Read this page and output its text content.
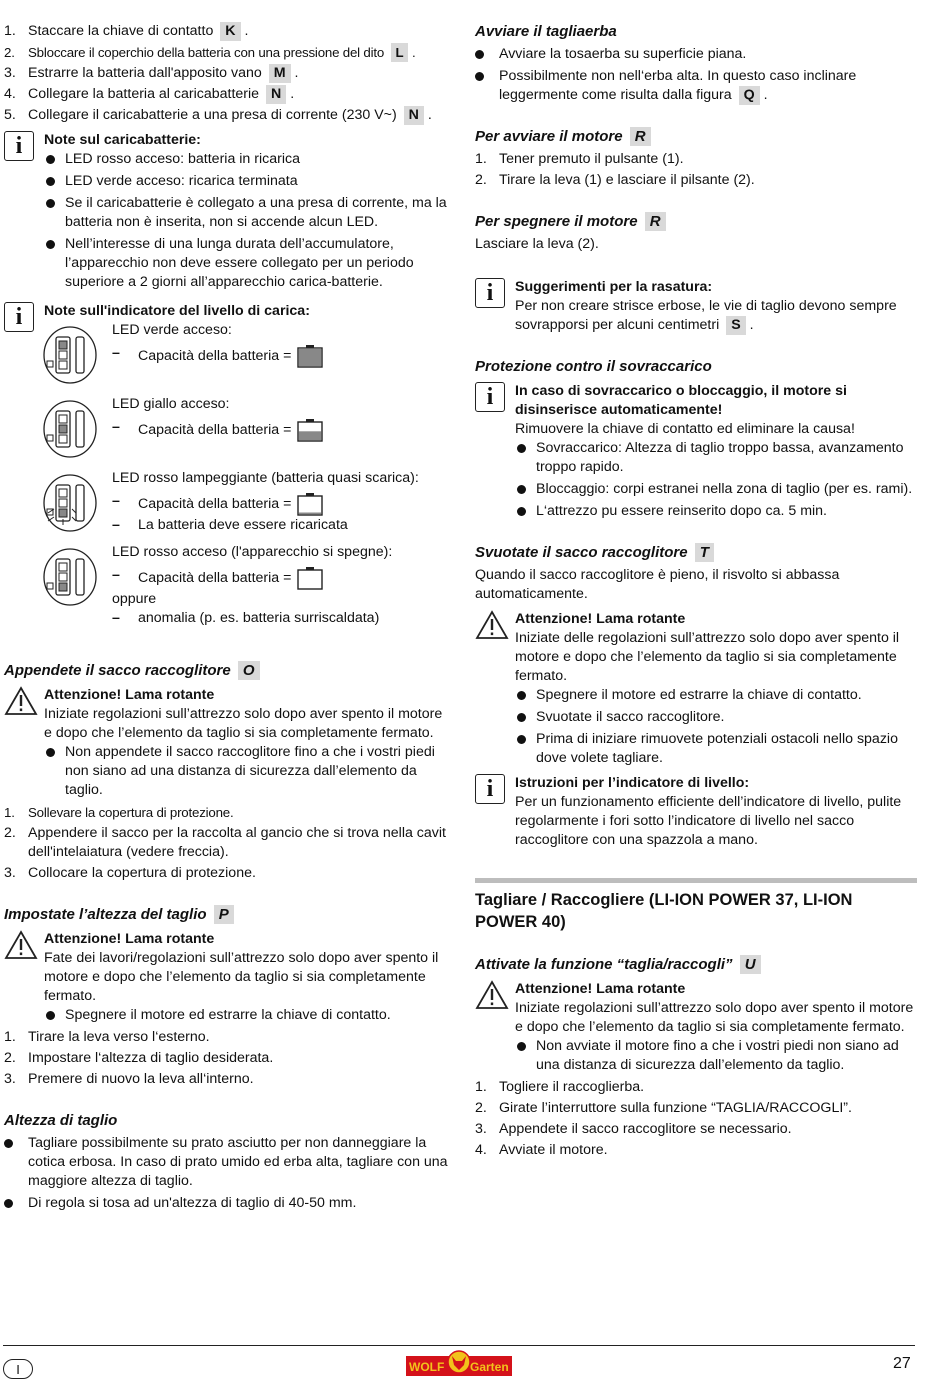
1. Staccare la chiave di contatto K .
2. Sbloccare il coperchio della batteria con una pressione del dito L .
3. Estrarre la batteria dall'apposito vano M .
4. Collegare la batteria al caricabatterie N .
5. Collegare il caricabatterie a una presa di corrente (230 V~) N .
i	Note sul caricabatterie:
LED rosso acceso: batteria in ricarica
LED verde acceso: ricarica terminata
Se il caricabatterie è collegato a una presa di corrente, ma la batteria non è inserita, non si accende alcun LED.
Nell’interesse di una lunga durata dell’accumulatore, l’apparecchio non deve essere collegato per un periodo superiore a 2 giorni all’apparecchio carica-batterie.
i	Note sull'indicatore del livello di carica:
LED verde acceso:
– Capacità della batteria =
LED giallo acceso:
– Capacità della batteria =
LED rosso lampeggiante (batteria quasi scarica):
– Capacità della batteria =
– La batteria deve essere ricaricata
LED rosso acceso (l'apparecchio si spegne):
– Capacità della batteria =
oppure
– anomalia (p. es. batteria surriscaldata)
Appendete il sacco raccoglitore O
Attenzione! Lama rotante
Iniziate regolazioni sull’attrezzo solo dopo aver spento il motore e dopo che l’elemento da taglio si sia completamente fermato.
Non appendete il sacco raccoglitore fino a che i vostri piedi non siano ad una distanza di sicurezza dall’elemento da taglio.
1. Sollevare la copertura di protezione.
2. Appendere il sacco per la raccolta al gancio che si trova nella cavit dell'intelaiatura (vedere freccia).
3. Collocare la copertura di protezione.
Impostate l’altezza del taglio P
Attenzione! Lama rotante
Fate dei lavori/regolazioni sull’attrezzo solo dopo aver spento il motore e dopo che l’elemento da taglio si sia completamente fermato.
Spegnere il motore ed estrarre la chiave di contatto.
1. Tirare la leva verso l‘esterno.
2. Impostare l‘altezza di taglio desiderata.
3. Premere di nuovo la leva all‘interno.
Altezza di taglio
Tagliare possibilmente su prato asciutto per non danneggiare la cotica erbosa. In caso di prato umido ed erba alta, tagliare con una maggiore altezza di taglio.
Di regola si tosa ad un'altezza di taglio di 40-50 mm.
Avviare il tagliaerba
Avviare la tosaerba su superficie piana.
Possibilmente non nell‘erba alta. In questo caso inclinare leggermente come risulta dalla figura Q .
Per avviare il motore R
1. Tener premuto il pulsante (1).
2. Tirare la leva (1) e lasciare il pilsante (2).
Per spegnere il motore R
Lasciare la leva (2).
i	Suggerimenti per la rasatura:
Per non creare strisce erbose, le vie di taglio devono sempre sovrapporsi per alcuni centimetri S .
Protezione contro il sovraccarico
i	In caso di sovraccarico o bloccaggio, il motore si disinserisce automaticamente!
Rimuovere la chiave di contatto ed eliminare la causa!
Sovraccarico: Altezza di taglio troppo bassa, avanzamento troppo rapido.
Bloccaggio: corpi estranei nella zona di taglio (per es. rami).
L‘attrezzo pu essere reinserito dopo ca. 5 min.
Svuotate il sacco raccoglitore T
Quando il sacco raccoglitore è pieno, il risvolto si abbassa automaticamente.
Attenzione! Lama rotante
Iniziate delle regolazioni sull’attrezzo solo dopo aver spento il motore e dopo che l’elemento da taglio si sia completamente fermato.
Spegnere il motore ed estrarre la chiave di contatto.
Svuotate il sacco raccoglitore.
Prima di iniziare rimuovete potenziali ostacoli nello spazio dove volete tagliare.
i	Istruzioni per l’indicatore di livello:
Per un funzionamento efficiente dell’indicatore di livello, pulite regolarmente i fori sotto l’indicatore di livello nel sacco raccoglitore con una spazzola a mano.
Tagliare / Raccogliere (LI-ION POWER 37, LI-ION POWER 40)
Attivate la funzione “taglia/raccogli” U
Attenzione! Lama rotante
Iniziate regolazioni sull’attrezzo solo dopo aver spento il motore e dopo che l’elemento da taglio si sia completamente fermato.
Non avviate il motore fino a che i vostri piedi non siano ad una distanza di sicurezza dall’elemento da taglio.
1. Togliere il raccoglierba.
2. Girate l’interruttore sulla funzione “TAGLIA/RACCOGLI”.
3. Appendete il sacco raccoglitore se necessario.
4. Avviate il motore.
I	WOLF Garten	27
